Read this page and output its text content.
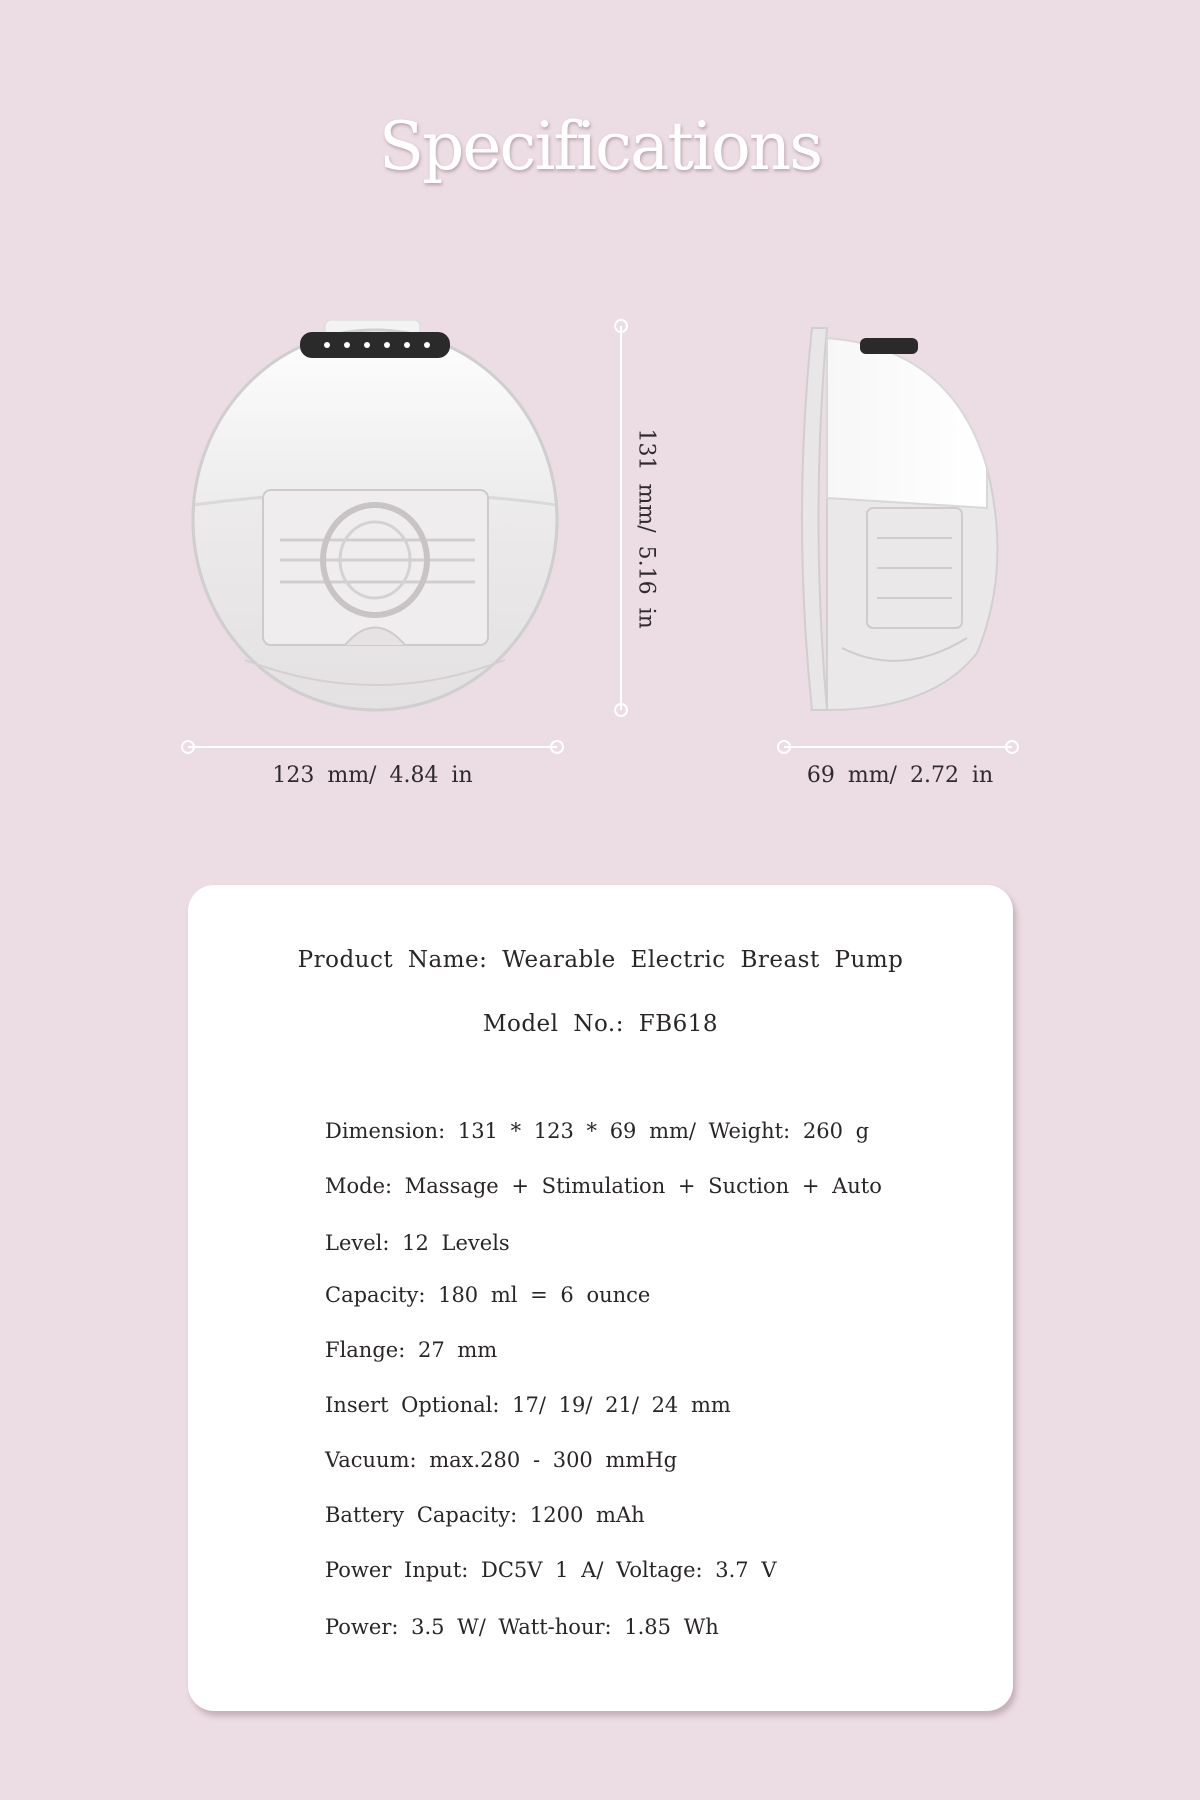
Specifications
131 mm/ 5.16 in
123 mm/ 4.84 in	69 mm/ 2.72 in
Product Name: Wearable Electric Breast Pump
Model No.: FB618
Dimension: 131 * 123 * 69 mm/ Weight: 260 g
Mode: Massage + Stimulation + Suction + Auto
Level: 12 Levels
Capacity: 180 ml = 6 ounce
Flange: 27 mm
Insert Optional: 17/ 19/ 21/ 24 mm
Vacuum: max.280 - 300 mmHg
Battery Capacity: 1200 mAh
Power Input: DC5V 1 A/ Voltage: 3.7 V
Power: 3.5 W/ Watt-hour: 1.85 Wh
